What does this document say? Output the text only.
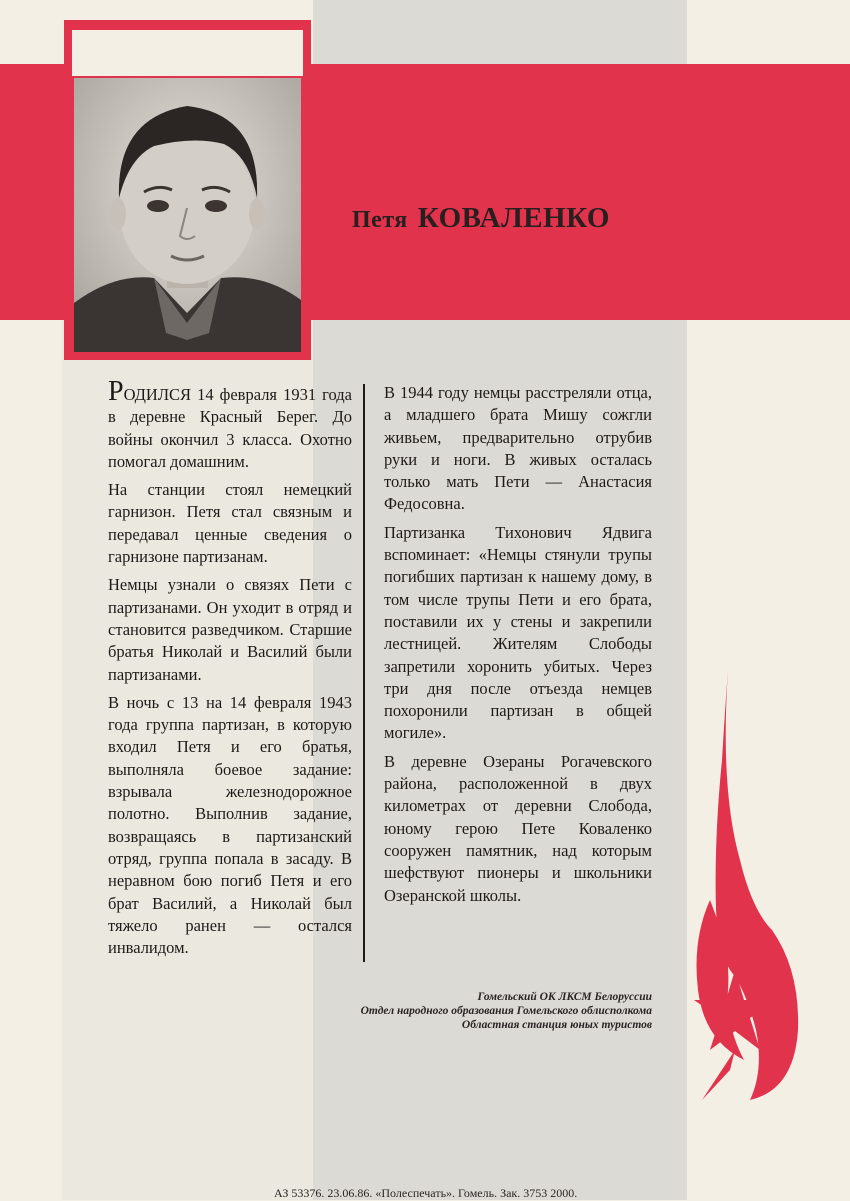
Петя КОВАЛЕНКО

РОДИЛСЯ 14 февраля 1931 года в деревне Красный Берег. До войны окончил 3 класса. Охотно помогал домашним.

На станции стоял немецкий гарнизон. Петя стал связным и передавал ценные сведения о гарнизоне партизанам.

Немцы узнали о связях Пети с партизанами. Он уходит в отряд и становится разведчиком. Старшие братья Николай и Василий были партизанами.

В ночь с 13 на 14 февраля 1943 года группа партизан, в которую входил Петя и его братья, выполняла боевое задание: взрывала железнодорожное полотно. Выполнив задание, возвращаясь в партизанский отряд, группа попала в засаду. В неравном бою погиб Петя и его брат Василий, а Николай был тяжело ранен — остался инвалидом.

В 1944 году немцы расстреляли отца, а младшего брата Мишу сожгли живьем, предварительно отрубив руки и ноги. В живых осталась только мать Пети — Анастасия Федосовна.

Партизанка Тихонович Ядвига вспоминает: «Немцы стянули трупы погибших партизан к нашему дому, в том числе трупы Пети и его брата, поставили их у стены и закрепили лестницей. Жителям Слободы запретили хоронить убитых. Через три дня после отъезда немцев похоронили партизан в общей могиле».

В деревне Озераны Рогачевского района, расположенной в двух километрах от деревни Слобода, юному герою Пете Коваленко сооружен памятник, над которым шефствуют пионеры и школьники Озеранской школы.

Гомельский ОК ЛКСМ Белоруссии
Отдел народного образования Гомельского облисполкома
Областная станция юных туристов
АЗ 53376. 23.06.86. «Полеспечать». Гомель. Зак. 3753 2000.
